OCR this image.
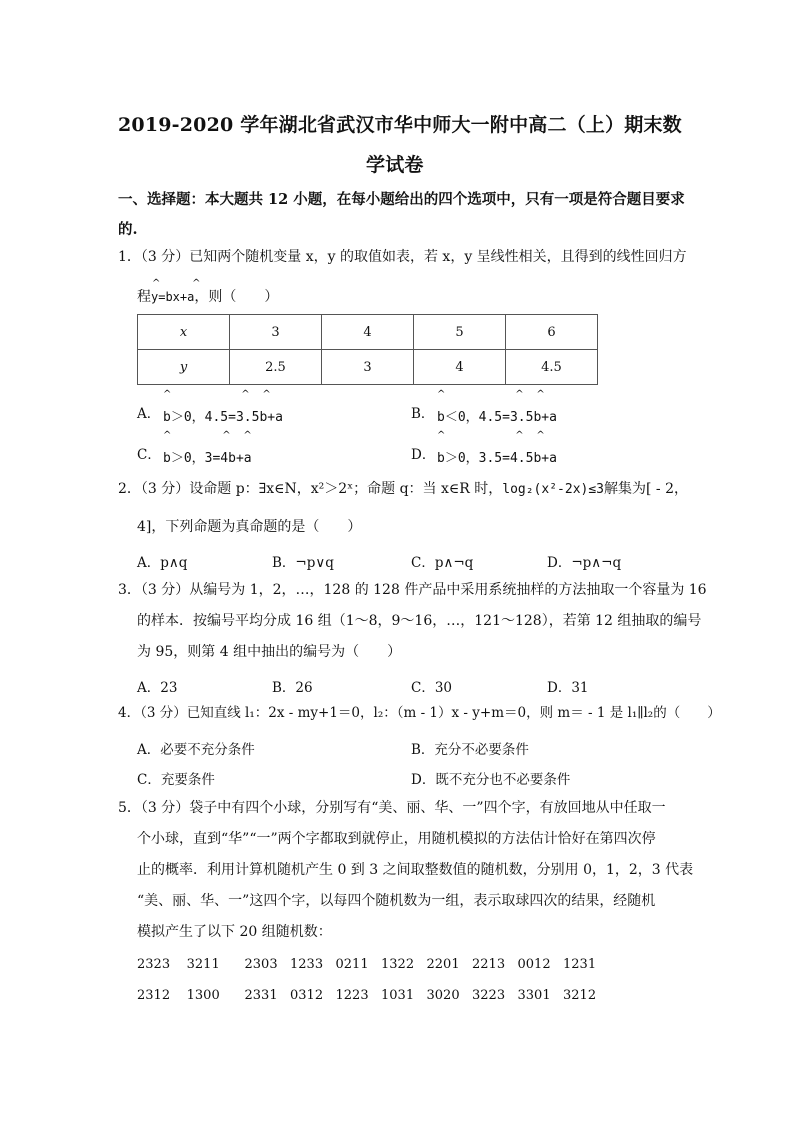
2019-2020 学年湖北省武汉市华中师大一附中高二（上）期末数
学试卷
一、选择题：本大题共 12 小题，在每小题给出的四个选项中，只有一项是符合题目要求
的.
1．（3 分）已知两个随机变量 x，y 的取值如表，若 x，y 呈线性相关，且得到的线性回归方
程y=bx+a，则（　　）
^          ^
x	3	4	5	6
y	2.5	3	4	4.5
A． b＞0，4.5=3.5b+a
^                      ^    ^
B． b＜0，4.5=3.5b+a
^                      ^    ^
C． b＞0，3=4b+a
^                ^    ^
D． b＞0，3.5=4.5b+a
^                      ^    ^
2．（3 分）设命题 p：∃x∈N，x²＞2ˣ；命题 q：当 x∈R 时，log₂(x²-2x)≤3解集为[ - 2，
4]，下列命题为真命题的是（　　）
A．p∧q	B．¬p∨q	C．p∧¬q	D．¬p∧¬q
3．（3 分）从编号为 1，2，…，128 的 128 件产品中采用系统抽样的方法抽取一个容量为 16
的样本．按编号平均分成 16 组（1～8，9～16，…，121～128），若第 12 组抽取的编号
为 95，则第 4 组中抽出的编号为（　　）
A．23	B．26	C．30	D．31
4．（3 分）已知直线 l₁：2x - my+1＝0，l₂：（m - 1）x - y+m＝0，则 m＝ - 1 是 l₁∥l₂的（　　）
A．必要不充分条件	B．充分不必要条件
C．充要条件	D．既不充分也不必要条件
5．（3 分）袋子中有四个小球，分别写有“美、丽、华、一”四个字，有放回地从中任取一
个小球，直到“华”“一”两个字都取到就停止，用随机模拟的方法估计恰好在第四次停
止的概率．利用计算机随机产生 0 到 3 之间取整数值的随机数，分别用 0，1，2，3 代表
“美、丽、华、一”这四个字，以每四个随机数为一组，表示取球四次的结果，经随机
模拟产生了以下 20 组随机数：
2323 3211 2303 1233 0211 1322 2201 2213 0012 1231
2312 1300 2331 0312 1223 1031 3020 3223 3301 3212
